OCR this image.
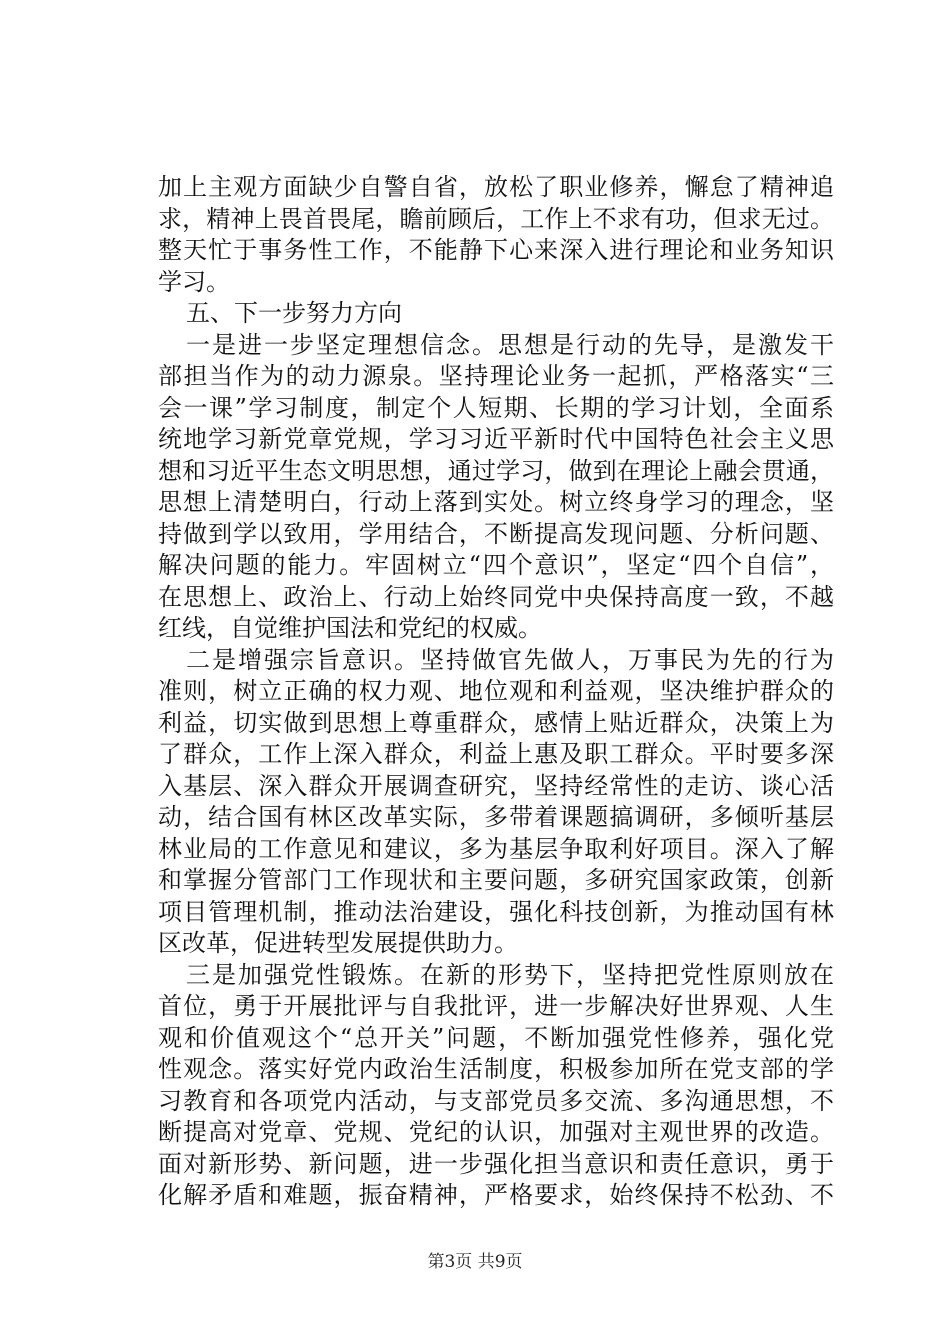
加上主观方面缺少自警自省，放松了职业修养，懈怠了精神追
求，精神上畏首畏尾，瞻前顾后，工作上不求有功，但求无过。
整天忙于事务性工作，不能静下心来深入进行理论和业务知识
学习。
五、下一步努力方向
一是进一步坚定理想信念。思想是行动的先导，是激发干
部担当作为的动力源泉。坚持理论业务一起抓，严格落实“三
会一课”学习制度，制定个人短期、长期的学习计划，全面系
统地学习新党章党规，学习习近平新时代中国特色社会主义思
想和习近平生态文明思想，通过学习，做到在理论上融会贯通，
思想上清楚明白，行动上落到实处。树立终身学习的理念，坚
持做到学以致用，学用结合，不断提高发现问题、分析问题、
解决问题的能力。牢固树立“四个意识”，坚定“四个自信”，
在思想上、政治上、行动上始终同党中央保持高度一致，不越
红线，自觉维护国法和党纪的权威。
二是增强宗旨意识。坚持做官先做人，万事民为先的行为
准则，树立正确的权力观、地位观和利益观，坚决维护群众的
利益，切实做到思想上尊重群众，感情上贴近群众，决策上为
了群众，工作上深入群众，利益上惠及职工群众。平时要多深
入基层、深入群众开展调查研究，坚持经常性的走访、谈心活
动，结合国有林区改革实际，多带着课题搞调研，多倾听基层
林业局的工作意见和建议，多为基层争取利好项目。深入了解
和掌握分管部门工作现状和主要问题，多研究国家政策，创新
项目管理机制，推动法治建设，强化科技创新，为推动国有林
区改革，促进转型发展提供助力。
三是加强党性锻炼。在新的形势下，坚持把党性原则放在
首位，勇于开展批评与自我批评，进一步解决好世界观、人生
观和价值观这个“总开关”问题，不断加强党性修养，强化党
性观念。落实好党内政治生活制度，积极参加所在党支部的学
习教育和各项党内活动，与支部党员多交流、多沟通思想，不
断提高对党章、党规、党纪的认识，加强对主观世界的改造。
面对新形势、新问题，进一步强化担当意识和责任意识，勇于
化解矛盾和难题，振奋精神，严格要求，始终保持不松劲、不
第3页 共9页
